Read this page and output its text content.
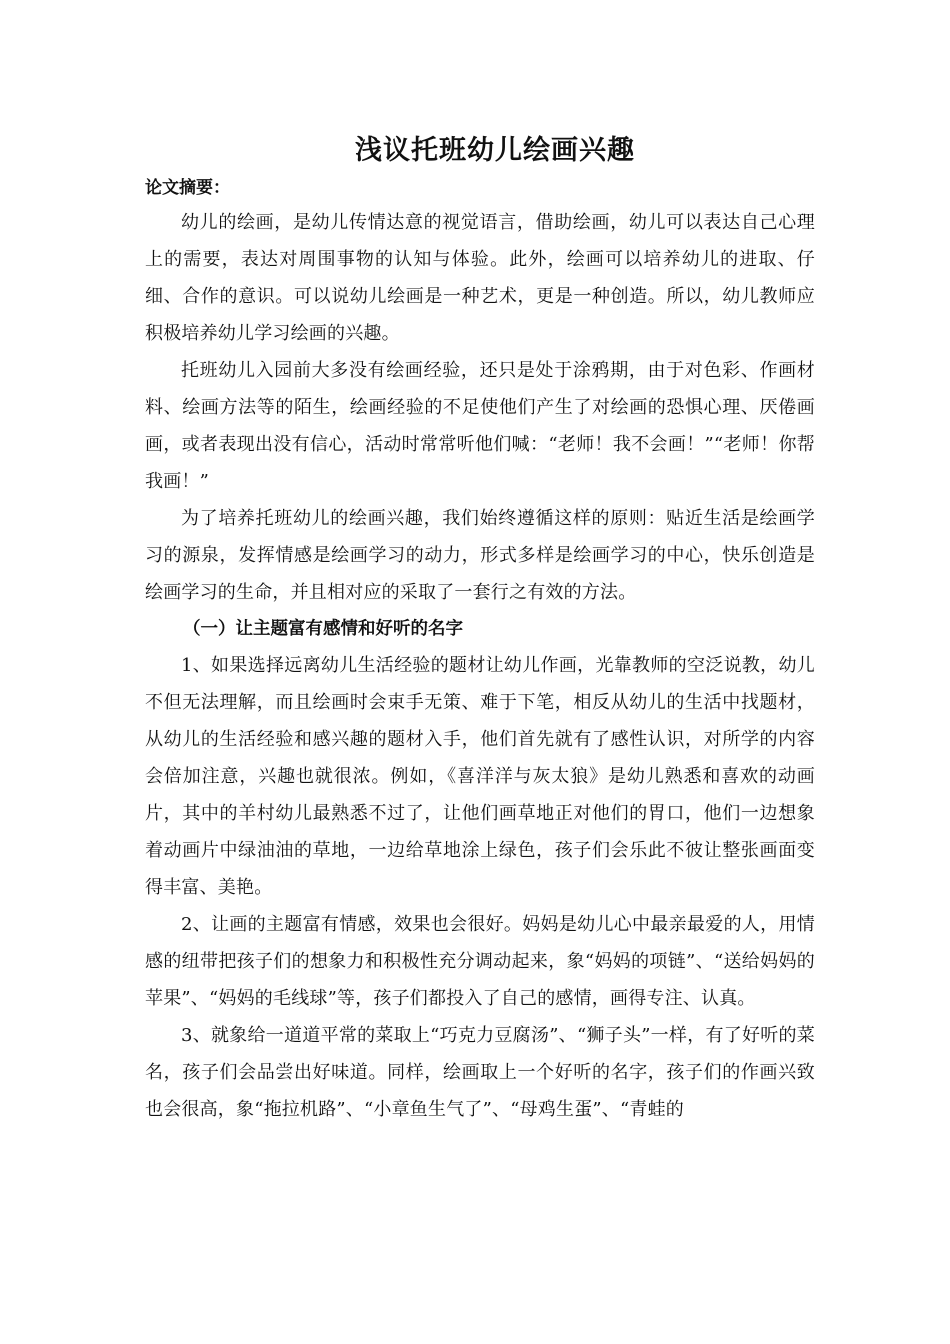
浅议托班幼儿绘画兴趣

论文摘要：

幼儿的绘画，是幼儿传情达意的视觉语言，借助绘画，幼儿可以表达自己心理上的需要，表达对周围事物的认知与体验。此外，绘画可以培养幼儿的进取、仔细、合作的意识。可以说幼儿绘画是一种艺术，更是一种创造。所以，幼儿教师应积极培养幼儿学习绘画的兴趣。

托班幼儿入园前大多没有绘画经验，还只是处于涂鸦期，由于对色彩、作画材料、绘画方法等的陌生，绘画经验的不足使他们产生了对绘画的恐惧心理、厌倦画画，或者表现出没有信心，活动时常常听他们喊：“老师！我不会画！”“老师！你帮我画！”

为了培养托班幼儿的绘画兴趣，我们始终遵循这样的原则：贴近生活是绘画学习的源泉，发挥情感是绘画学习的动力，形式多样是绘画学习的中心，快乐创造是绘画学习的生命，并且相对应的采取了一套行之有效的方法。

（一）让主题富有感情和好听的名字

1、如果选择远离幼儿生活经验的题材让幼儿作画，光靠教师的空泛说教，幼儿不但无法理解，而且绘画时会束手无策、难于下笔，相反从幼儿的生活中找题材，从幼儿的生活经验和感兴趣的题材入手，他们首先就有了感性认识，对所学的内容会倍加注意，兴趣也就很浓。例如，《喜洋洋与灰太狼》是幼儿熟悉和喜欢的动画片，其中的羊村幼儿最熟悉不过了，让他们画草地正对他们的胃口，他们一边想象着动画片中绿油油的草地，一边给草地涂上绿色，孩子们会乐此不彼让整张画面变得丰富、美艳。

2、让画的主题富有情感，效果也会很好。妈妈是幼儿心中最亲最爱的人，用情感的纽带把孩子们的想象力和积极性充分调动起来，象“妈妈的项链”、“送给妈妈的苹果”、“妈妈的毛线球”等，孩子们都投入了自己的感情，画得专注、认真。

3、就象给一道道平常的菜取上“巧克力豆腐汤”、“狮子头”一样，有了好听的菜名，孩子们会品尝出好味道。同样，绘画取上一个好听的名字，孩子们的作画兴致也会很高，象“拖拉机路”、“小章鱼生气了”、“母鸡生蛋”、“青蛙的
